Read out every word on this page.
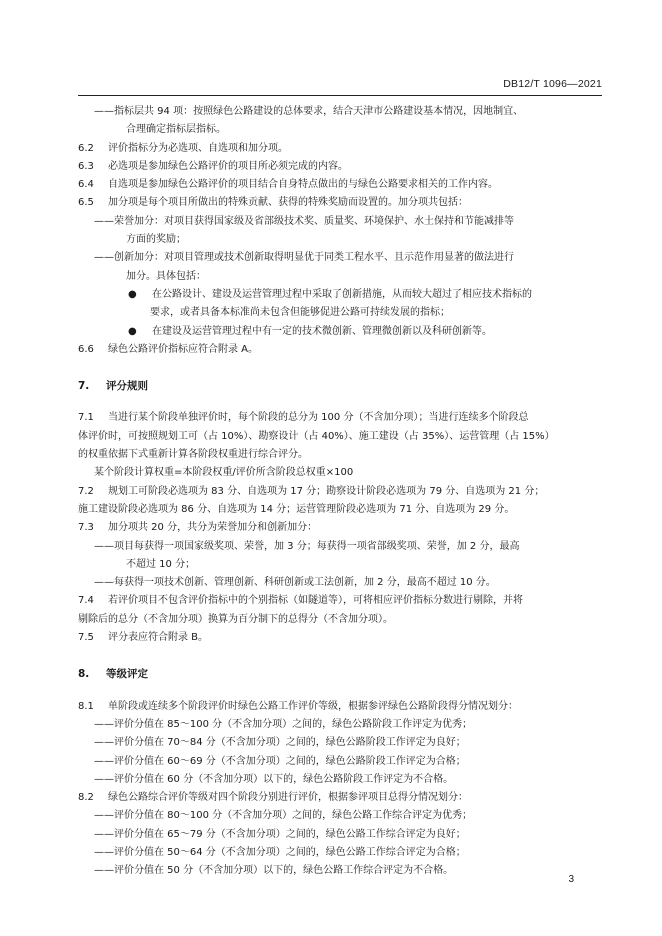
DB12/T 1096—2021
——指标层共 94 项：按照绿色公路建设的总体要求，结合天津市公路建设基本情况，因地制宜、
合理确定指标层指标。
6.2 评价指标分为必选项、自选项和加分项。
6.3 必选项是参加绿色公路评价的项目所必须完成的内容。
6.4 自选项是参加绿色公路评价的项目结合自身特点做出的与绿色公路要求相关的工作内容。
6.5 加分项是每个项目所做出的特殊贡献、获得的特殊奖励而设置的。加分项共包括：
——荣誉加分：对项目获得国家级及省部级技术奖、质量奖、环境保护、水土保持和节能减排等
方面的奖励；
——创新加分：对项目管理或技术创新取得明显优于同类工程水平、且示范作用显著的做法进行
加分。具体包括：
● 在公路设计、建设及运营管理过程中采取了创新措施，从而较大超过了相应技术指标的
要求，或者具备本标准尚未包含但能够促进公路可持续发展的指标；
● 在建设及运营管理过程中有一定的技术微创新、管理微创新以及科研创新等。
6.6 绿色公路评价指标应符合附录 A。
7. 评分规则
7.1 当进行某个阶段单独评价时，每个阶段的总分为 100 分（不含加分项）；当进行连续多个阶段总
体评价时，可按照规划工可（占 10%）、勘察设计（占 40%）、施工建设（占 35%）、运营管理（占 15%）
的权重依据下式重新计算各阶段权重进行综合评分。
某个阶段计算权重=本阶段权重/评价所含阶段总权重×100
7.2 规划工可阶段必选项为 83 分、自选项为 17 分；勘察设计阶段必选项为 79 分、自选项为 21 分；
施工建设阶段必选项为 86 分、自选项为 14 分；运营管理阶段必选项为 71 分、自选项为 29 分。
7.3 加分项共 20 分，共分为荣誉加分和创新加分：
——项目每获得一项国家级奖项、荣誉，加 3 分；每获得一项省部级奖项、荣誉，加 2 分，最高
不超过 10 分；
——每获得一项技术创新、管理创新、科研创新或工法创新，加 2 分，最高不超过 10 分。
7.4 若评价项目不包含评价指标中的个别指标（如隧道等），可将相应评价指标分数进行剔除，并将
剔除后的总分（不含加分项）换算为百分制下的总得分（不含加分项）。
7.5 评分表应符合附录 B。
8. 等级评定
8.1 单阶段或连续多个阶段评价时绿色公路工作评价等级，根据参评绿色公路阶段得分情况划分：
——评价分值在 85～100 分（不含加分项）之间的，绿色公路阶段工作评定为优秀；
——评价分值在 70～84 分（不含加分项）之间的，绿色公路阶段工作评定为良好；
——评价分值在 60～69 分（不含加分项）之间的，绿色公路阶段工作评定为合格；
——评价分值在 60 分（不含加分项）以下的，绿色公路阶段工作评定为不合格。
8.2 绿色公路综合评价等级对四个阶段分别进行评价，根据参评项目总得分情况划分：
——评价分值在 80～100 分（不含加分项）之间的，绿色公路工作综合评定为优秀；
——评价分值在 65～79 分（不含加分项）之间的，绿色公路工作综合评定为良好；
——评价分值在 50～64 分（不含加分项）之间的，绿色公路工作综合评定为合格；
——评价分值在 50 分（不含加分项）以下的，绿色公路工作综合评定为不合格。
3
